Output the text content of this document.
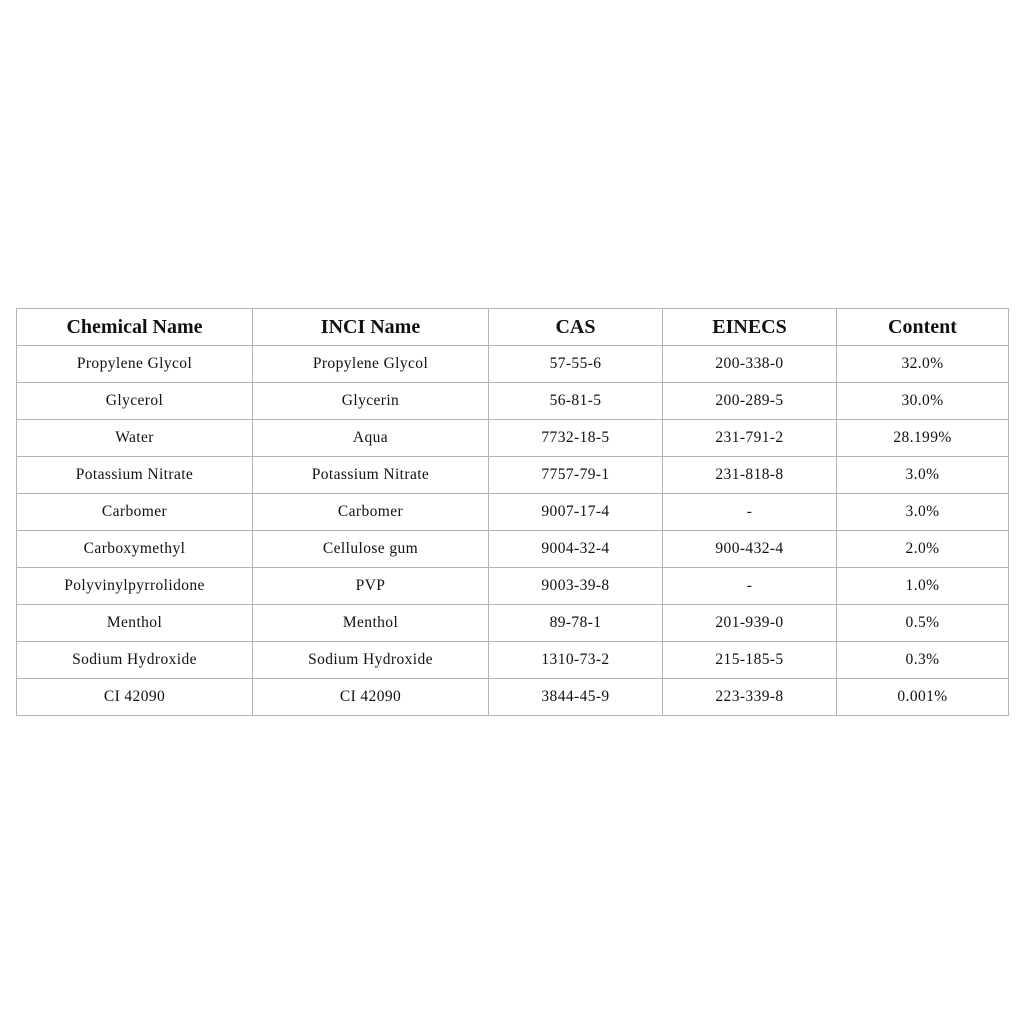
Chemical Name	INCI Name	CAS	EINECS	Content
Propylene Glycol	Propylene Glycol	57-55-6	200-338-0	32.0%
Glycerol	Glycerin	56-81-5	200-289-5	30.0%
Water	Aqua	7732-18-5	231-791-2	28.199%
Potassium Nitrate	Potassium Nitrate	7757-79-1	231-818-8	3.0%
Carbomer	Carbomer	9007-17-4	-	3.0%
Carboxymethyl	Cellulose gum	9004-32-4	900-432-4	2.0%
Polyvinylpyrrolidone	PVP	9003-39-8	-	1.0%
Menthol	Menthol	89-78-1	201-939-0	0.5%
Sodium Hydroxide	Sodium Hydroxide	1310-73-2	215-185-5	0.3%
CI 42090	CI 42090	3844-45-9	223-339-8	0.001%
